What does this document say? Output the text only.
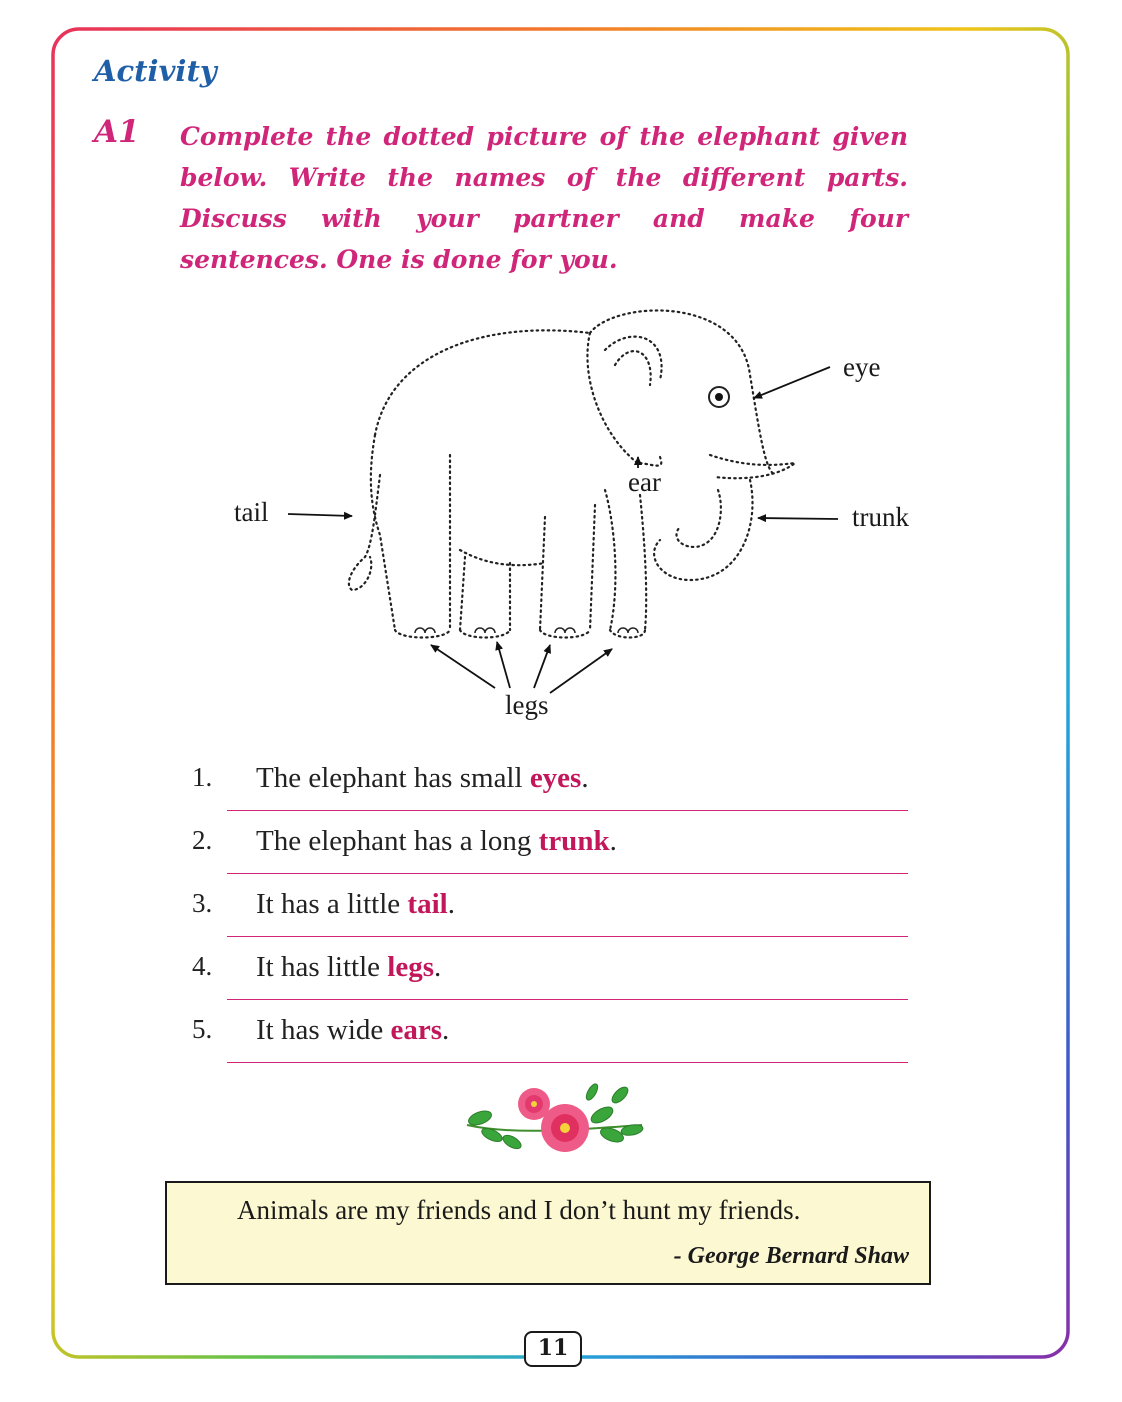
Activity
A1 Complete the dotted picture of the elephant given below. Write the names of the different parts. Discuss with your partner and make four sentences. One is done for you.
eye
ear
tail	trunk
legs
1. The elephant has small eyes.
2. The elephant has a long trunk.
3. It has a little tail.
4. It has little legs.
5. It has wide ears.
Animals are my friends and I don’t hunt my friends.
- George Bernard Shaw
11
